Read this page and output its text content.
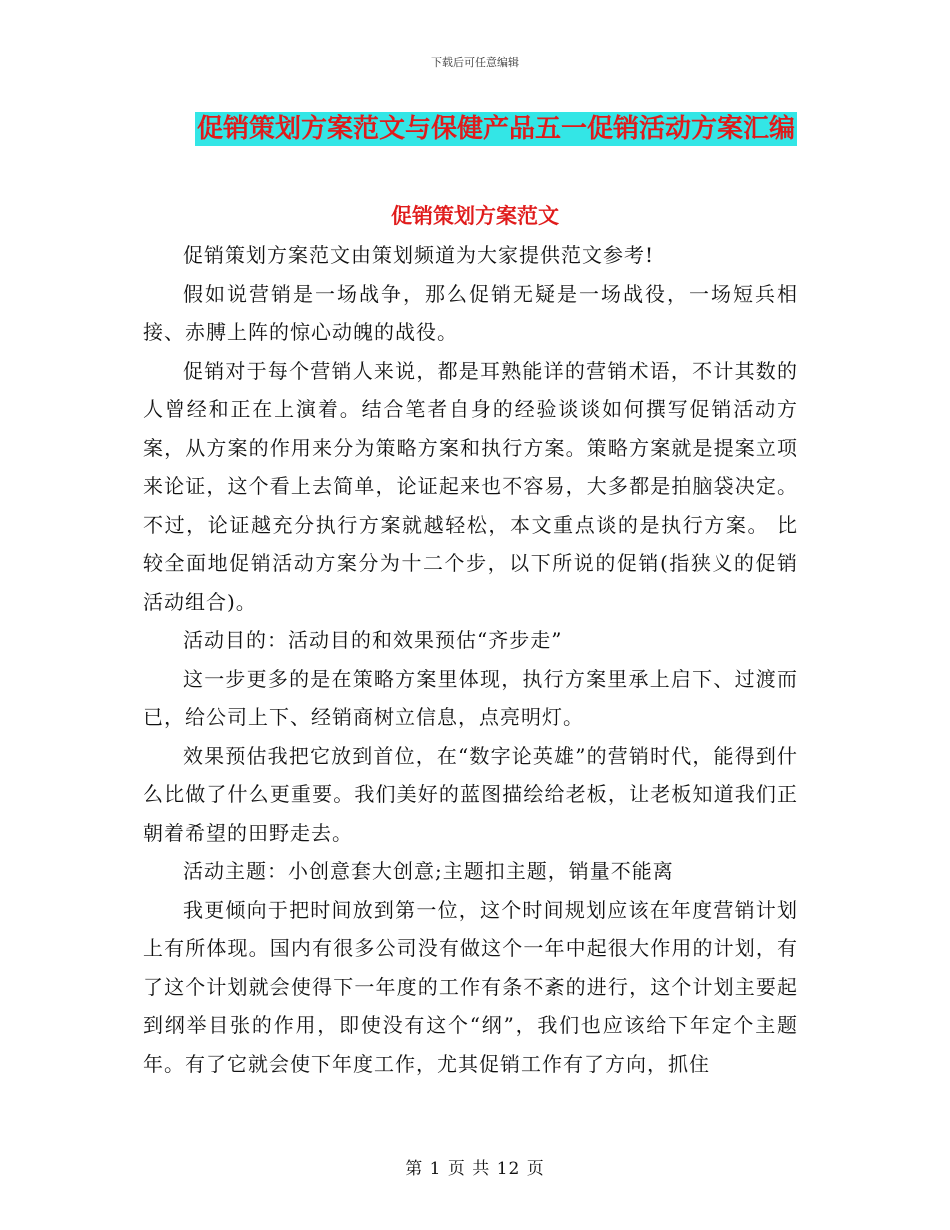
下载后可任意编辑
促销策划方案范文与保健产品五一促销活动方案汇编
促销策划方案范文

促销策划方案范文由策划频道为大家提供范文参考!

假如说营销是一场战争，那么促销无疑是一场战役，一场短兵相接、赤膊上阵的惊心动魄的战役。

促销对于每个营销人来说，都是耳熟能详的营销术语，不计其数的人曾经和正在上演着。结合笔者自身的经验谈谈如何撰写促销活动方案，从方案的作用来分为策略方案和执行方案。策略方案就是提案立项来论证，这个看上去简单，论证起来也不容易，大多都是拍脑袋决定。不过，论证越充分执行方案就越轻松，本文重点谈的是执行方案。 比较全面地促销活动方案分为十二个步，以下所说的促销(指狭义的促销活动组合)。

活动目的：活动目的和效果预估“齐步走”

这一步更多的是在策略方案里体现，执行方案里承上启下、过渡而已，给公司上下、经销商树立信息，点亮明灯。

效果预估我把它放到首位，在“数字论英雄”的营销时代，能得到什么比做了什么更重要。我们美好的蓝图描绘给老板，让老板知道我们正朝着希望的田野走去。

活动主题：小创意套大创意;主题扣主题，销量不能离

我更倾向于把时间放到第一位，这个时间规划应该在年度营销计划上有所体现。国内有很多公司没有做这个一年中起很大作用的计划，有了这个计划就会使得下一年度的工作有条不紊的进行，这个计划主要起到纲举目张的作用，即使没有这个“纲”，我们也应该给下年定个主题年。有了它就会使下年度工作，尤其促销工作有了方向，抓住

第 1 页 共 12 页
